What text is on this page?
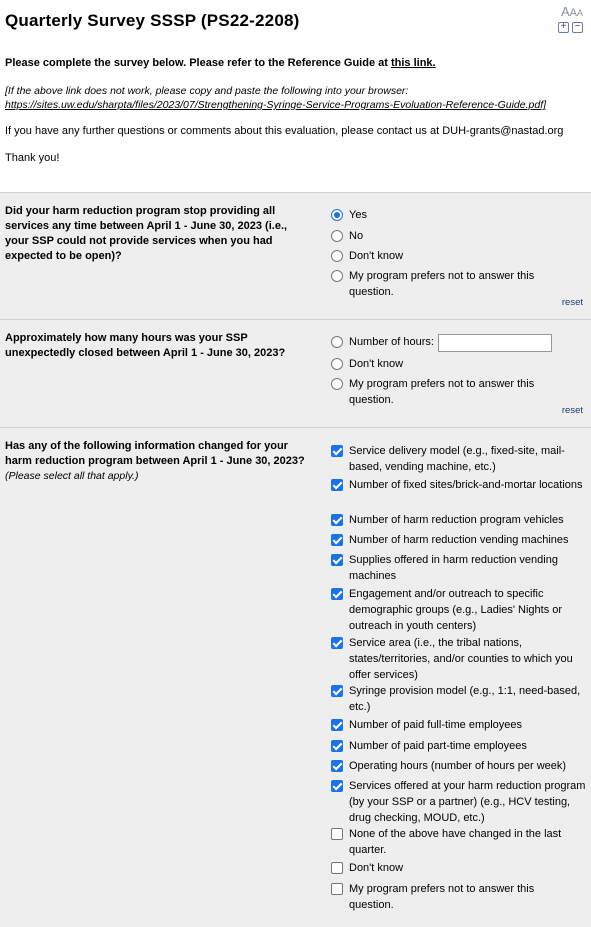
Quarterly Survey SSSP (PS22-2208)	AAA
+ −

Please complete the survey below. Please refer to the Reference Guide at this link.

[If the above link does not work, please copy and paste the following into your browser:
https://sites.uw.edu/sharpta/files/2023/07/Strengthening-Syringe-Service-Programs-Evoluation-Reference-Guide.pdf]

If you have any further questions or comments about this evaluation, please contact us at DUH-grants@nastad.org

Thank you!

Did your harm reduction program stop providing all services any time between April 1 - June 30, 2023 (i.e., your SSP could not provide services when you had expected to be open)?
Yes
No
Don't know
My program prefers not to answer this question.
reset
Approximately how many hours was your SSP unexpectedly closed between April 1 - June 30, 2023?
Number of hours:
Don't know
My program prefers not to answer this question.
reset
Has any of the following information changed for your harm reduction program between April 1 - June 30, 2023?
(Please select all that apply.)
Service delivery model (e.g., fixed-site, mail-based, vending machine, etc.)
Number of fixed sites/brick-and-mortar locations
Number of harm reduction program vehicles
Number of harm reduction vending machines
Supplies offered in harm reduction vending machines
Engagement and/or outreach to specific demographic groups (e.g., Ladies' Nights or outreach in youth centers)
Service area (i.e., the tribal nations, states/territories, and/or counties to which you offer services)
Syringe provision model (e.g., 1:1, need-based, etc.)
Number of paid full-time employees
Number of paid part-time employees
Operating hours (number of hours per week)
Services offered at your harm reduction program (by your SSP or a partner) (e.g., HCV testing, drug checking, MOUD, etc.)
None of the above have changed in the last quarter.
Don't know
My program prefers not to answer this question.
